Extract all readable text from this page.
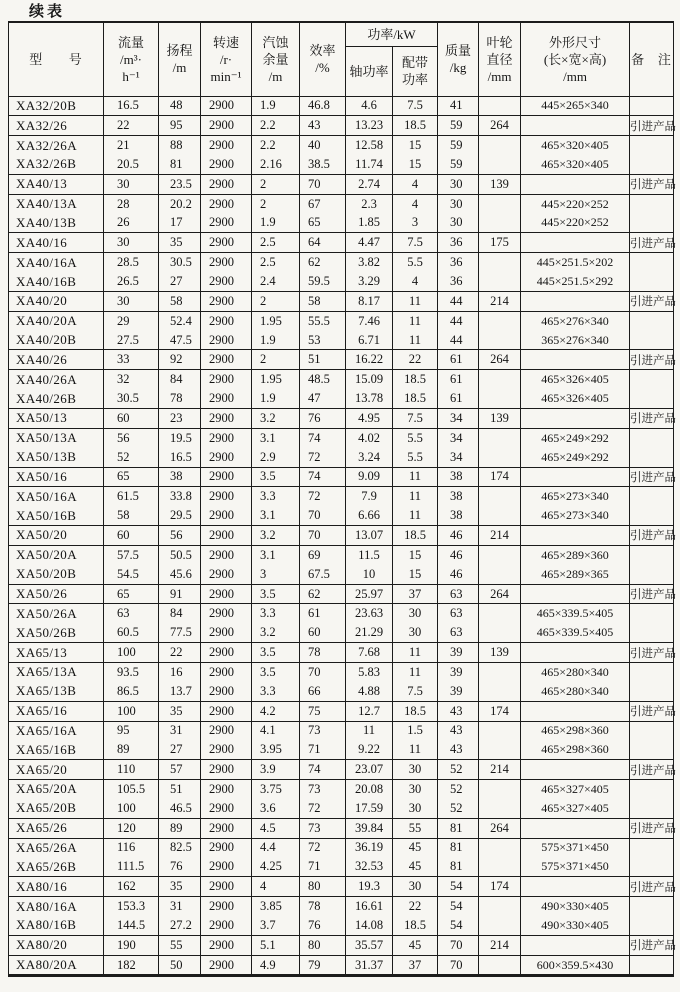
续表
型      号	流量
/m³·
h⁻¹	扬程
/m	转速
/r·
min⁻¹	汽蚀
余量
/m	效率
/%	功率/kW		质量
/kg	叶轮
直径
/mm	外形尺寸
(长×宽×高)
/mm	备   注
						轴功率	配带
功率				

XA32/20B	16.5	48	2900	1.9	46.8	4.6	7.5	41		445×265×340	
XA32/26	22	95	2900	2.2	43	13.23	18.5	59	264		引进产品
XA32/26A	21	88	2900	2.2	40	12.58	15	59		465×320×405	
XA32/26B	20.5	81	2900	2.16	38.5	11.74	15	59		465×320×405	
XA40/13	30	23.5	2900	2	70	2.74	4	30	139		引进产品
XA40/13A	28	20.2	2900	2	67	2.3	4	30		445×220×252	
XA40/13B	26	17	2900	1.9	65	1.85	3	30		445×220×252	
XA40/16	30	35	2900	2.5	64	4.47	7.5	36	175		引进产品
XA40/16A	28.5	30.5	2900	2.5	62	3.82	5.5	36		445×251.5×202	
XA40/16B	26.5	27	2900	2.4	59.5	3.29	4	36		445×251.5×292	
XA40/20	30	58	2900	2	58	8.17	11	44	214		引进产品
XA40/20A	29	52.4	2900	1.95	55.5	7.46	11	44		465×276×340	
XA40/20B	27.5	47.5	2900	1.9	53	6.71	11	44		365×276×340	
XA40/26	33	92	2900	2	51	16.22	22	61	264		引进产品
XA40/26A	32	84	2900	1.95	48.5	15.09	18.5	61		465×326×405	
XA40/26B	30.5	78	2900	1.9	47	13.78	18.5	61		465×326×405	
XA50/13	60	23	2900	3.2	76	4.95	7.5	34	139		引进产品
XA50/13A	56	19.5	2900	3.1	74	4.02	5.5	34		465×249×292	
XA50/13B	52	16.5	2900	2.9	72	3.24	5.5	34		465×249×292	
XA50/16	65	38	2900	3.5	74	9.09	11	38	174		引进产品
XA50/16A	61.5	33.8	2900	3.3	72	7.9	11	38		465×273×340	
XA50/16B	58	29.5	2900	3.1	70	6.66	11	38		465×273×340	
XA50/20	60	56	2900	3.2	70	13.07	18.5	46	214		引进产品
XA50/20A	57.5	50.5	2900	3.1	69	11.5	15	46		465×289×360	
XA50/20B	54.5	45.6	2900	3	67.5	10	15	46		465×289×365	
XA50/26	65	91	2900	3.5	62	25.97	37	63	264		引进产品
XA50/26A	63	84	2900	3.3	61	23.63	30	63		465×339.5×405	
XA50/26B	60.5	77.5	2900	3.2	60	21.29	30	63		465×339.5×405	
XA65/13	100	22	2900	3.5	78	7.68	11	39	139		引进产品
XA65/13A	93.5	16	2900	3.5	70	5.83	11	39		465×280×340	
XA65/13B	86.5	13.7	2900	3.3	66	4.88	7.5	39		465×280×340	
XA65/16	100	35	2900	4.2	75	12.7	18.5	43	174		引进产品
XA65/16A	95	31	2900	4.1	73	11	1.5	43		465×298×360	
XA65/16B	89	27	2900	3.95	71	9.22	11	43		465×298×360	
XA65/20	110	57	2900	3.9	74	23.07	30	52	214		引进产品
XA65/20A	105.5	51	2900	3.75	73	20.08	30	52		465×327×405	
XA65/20B	100	46.5	2900	3.6	72	17.59	30	52		465×327×405	
XA65/26	120	89	2900	4.5	73	39.84	55	81	264		引进产品
XA65/26A	116	82.5	2900	4.4	72	36.19	45	81		575×371×450	
XA65/26B	111.5	76	2900	4.25	71	32.53	45	81		575×371×450	
XA80/16	162	35	2900	4	80	19.3	30	54	174		引进产品
XA80/16A	153.3	31	2900	3.85	78	16.61	22	54		490×330×405	
XA80/16B	144.5	27.2	2900	3.7	76	14.08	18.5	54		490×330×405	
XA80/20	190	55	2900	5.1	80	35.57	45	70	214		引进产品
XA80/20A	182	50	2900	4.9	79	31.37	37	70		600×359.5×430	
